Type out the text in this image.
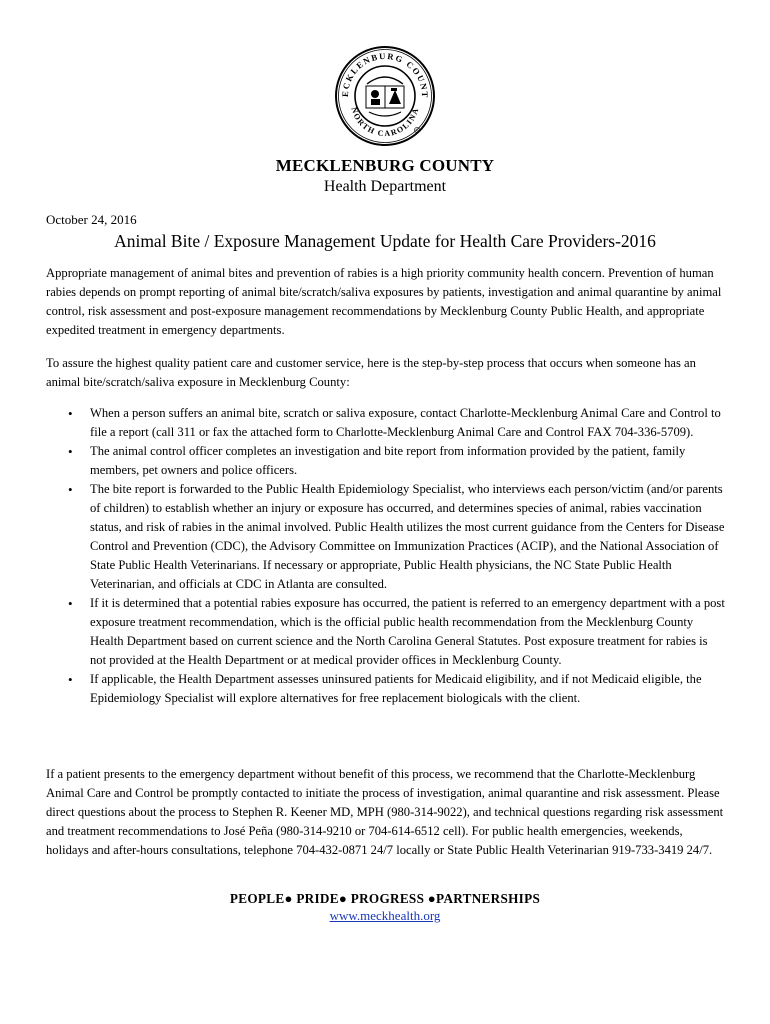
ECKLENBURG COUNT
NORTH CAROLINA
®
MECKLENBURG COUNTY
Health Department
October 24, 2016
Animal Bite / Exposure Management Update for Health Care Providers-2016
Appropriate management of animal bites and prevention of rabies is a high priority community health concern. Prevention of human rabies depends on prompt reporting of animal bite/scratch/saliva exposures by patients, investigation and animal quarantine by animal control, risk assessment and post-exposure management recommendations by Mecklenburg County Public Health, and appropriate expedited treatment in emergency departments.
To assure the highest quality patient care and customer service, here is the step-by-step process that occurs when someone has an animal bite/scratch/saliva exposure in Mecklenburg County:
• When a person suffers an animal bite, scratch or saliva exposure, contact Charlotte-Mecklenburg Animal Care and Control to file a report (call 311 or fax the attached form to Charlotte-Mecklenburg Animal Care and Control FAX 704-336-5709).
• The animal control officer completes an investigation and bite report from information provided by the patient, family members, pet owners and police officers.
• The bite report is forwarded to the Public Health Epidemiology Specialist, who interviews each person/victim (and/or parents of children) to establish whether an injury or exposure has occurred, and determines species of animal, rabies vaccination status, and risk of rabies in the animal involved. Public Health utilizes the most current guidance from the Centers for Disease Control and Prevention (CDC), the Advisory Committee on Immunization Practices (ACIP), and the National Association of State Public Health Veterinarians. If necessary or appropriate, Public Health physicians, the NC State Public Health Veterinarian, and officials at CDC in Atlanta are consulted.
• If it is determined that a potential rabies exposure has occurred, the patient is referred to an emergency department with a post exposure treatment recommendation, which is the official public health recommendation from the Mecklenburg County Health Department based on current science and the North Carolina General Statutes. Post exposure treatment for rabies is not provided at the Health Department or at medical provider offices in Mecklenburg County.
• If applicable, the Health Department assesses uninsured patients for Medicaid eligibility, and if not Medicaid eligible, the Epidemiology Specialist will explore alternatives for free replacement biologicals with the client.
If a patient presents to the emergency department without benefit of this process, we recommend that the Charlotte-Mecklenburg Animal Care and Control be promptly contacted to initiate the process of investigation, animal quarantine and risk assessment. Please direct questions about the process to Stephen R. Keener MD, MPH (980-314-9022), and technical questions regarding risk assessment and treatment recommendations to José Peña (980-314-9210 or 704-614-6512 cell). For public health emergencies, weekends, holidays and after-hours consultations, telephone 704-432-0871 24/7 locally or State Public Health Veterinarian 919-733-3419 24/7.
PEOPLE● PRIDE● PROGRESS ●PARTNERSHIPS
www.meckhealth.org
